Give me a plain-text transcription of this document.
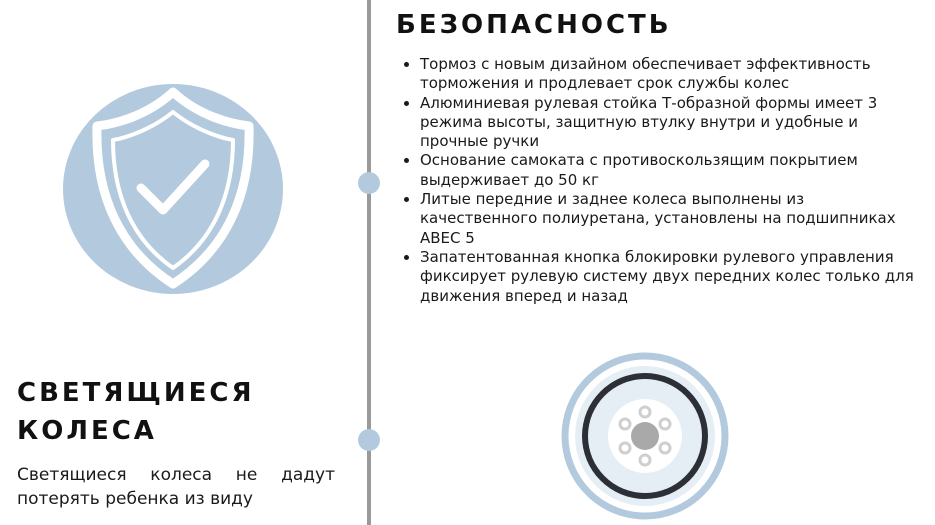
БЕЗОПАСНОСТЬ
• Тормоз с новым дизайном обеспечивает эффективность торможения и продлевает срок службы колес
• Алюминиевая рулевая стойка Т-образной формы имеет 3 режима высоты, защитную втулку внутри и удобные и прочные ручки
• Основание самоката с противоскользящим покрытием выдерживает до 50 кг
• Литые передние и заднее колеса выполнены из качественного полиуретана, установлены на подшипниках ABEC 5
• Запатентованная кнопка блокировки рулевого управления фиксирует рулевую систему двух передних колес только для движения вперед и назад
СВЕТЯЩИЕСЯ КОЛЕСА

Светящиеся колеса не дадут потерять ребенка из виду
